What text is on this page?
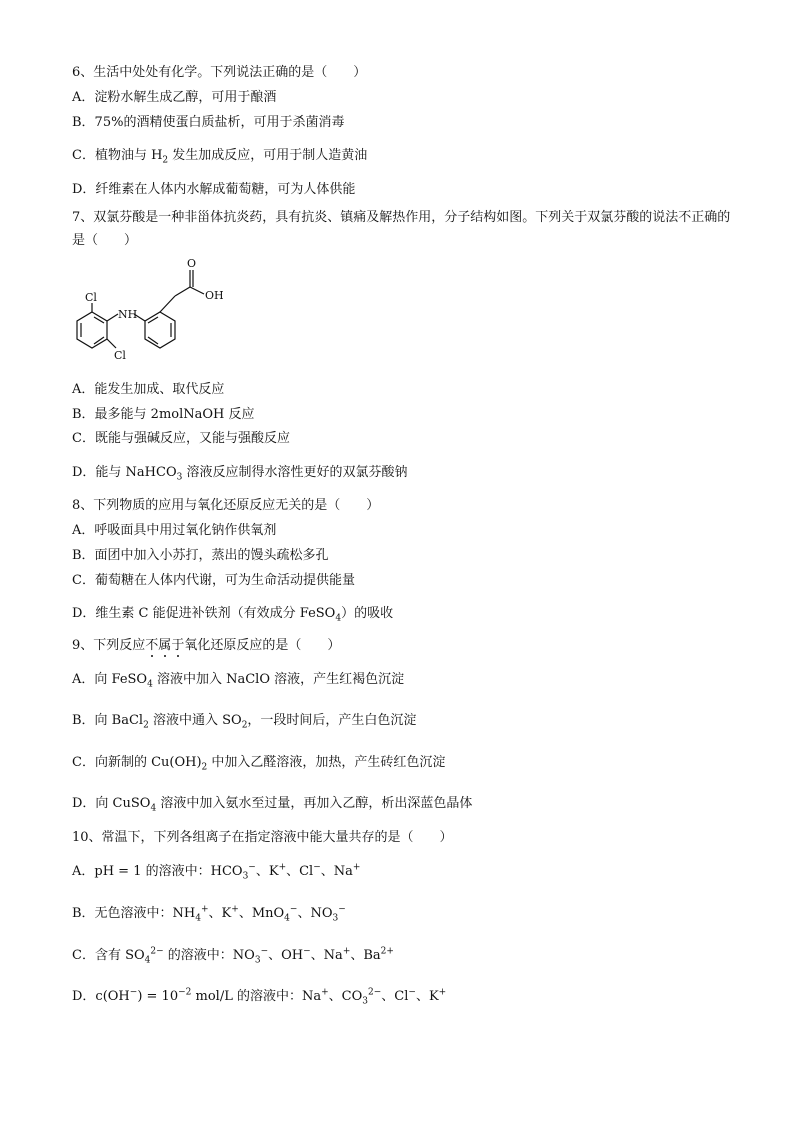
6、生活中处处有化学。下列说法正确的是（　　）
A．淀粉水解生成乙醇，可用于酿酒
B．75%的酒精使蛋白质盐析，可用于杀菌消毒
C．植物油与 $H_2$ 发生加成反应，可用于制人造黄油
D．纤维素在人体内水解成葡萄糖，可为人体供能
7、双氯芬酸是一种非甾体抗炎药，具有抗炎、镇痛及解热作用，分子结构如图。下列关于双氯芬酸的说法不正确的是（　　）
Cl
NH
Cl
O
OH
A．能发生加成、取代反应
B．最多能与 2molNaOH 反应
C．既能与强碱反应，又能与强酸反应
D．能与 NaHCO$_3$ 溶液反应制得水溶性更好的双氯芬酸钠
8、下列物质的应用与氧化还原反应无关的是（　　）
A．呼吸面具中用过氧化钠作供氧剂
B．面团中加入小苏打，蒸出的馒头疏松多孔
C．葡萄糖在人体内代谢，可为生命活动提供能量
D．维生素 C 能促进补铁剂（有效成分 FeSO$_4$）的吸收
9、下列反应不属于氧化还原反应的是（　　）
A．向 FeSO$_4$ 溶液中加入 NaClO 溶液，产生红褐色沉淀
B．向 BaCl$_2$ 溶液中通入 $SO_2$，一段时间后，产生白色沉淀
C．向新制的 $Cu(OH)_2$ 中加入乙醛溶液，加热，产生砖红色沉淀
D．向 CuSO$_4$ 溶液中加入氨水至过量，再加入乙醇，析出深蓝色晶体
10、常温下，下列各组离子在指定溶液中能大量共存的是（　　）
A．pH = 1 的溶液中：$HCO_3^-$、K+、Cl−、Na+
B．无色溶液中：$NH_4^+$、K+、MnO$_4$−、$NO_3^-$
C．含有 $SO_4^{2-}$ 的溶液中：$NO_3^-$、OH−、Na+、$Ba^{2+}$
D．$c(OH^-) = 10^{-2}$ mol/L 的溶液中：Na+、$CO_3^{2-}$、Cl−、K+
